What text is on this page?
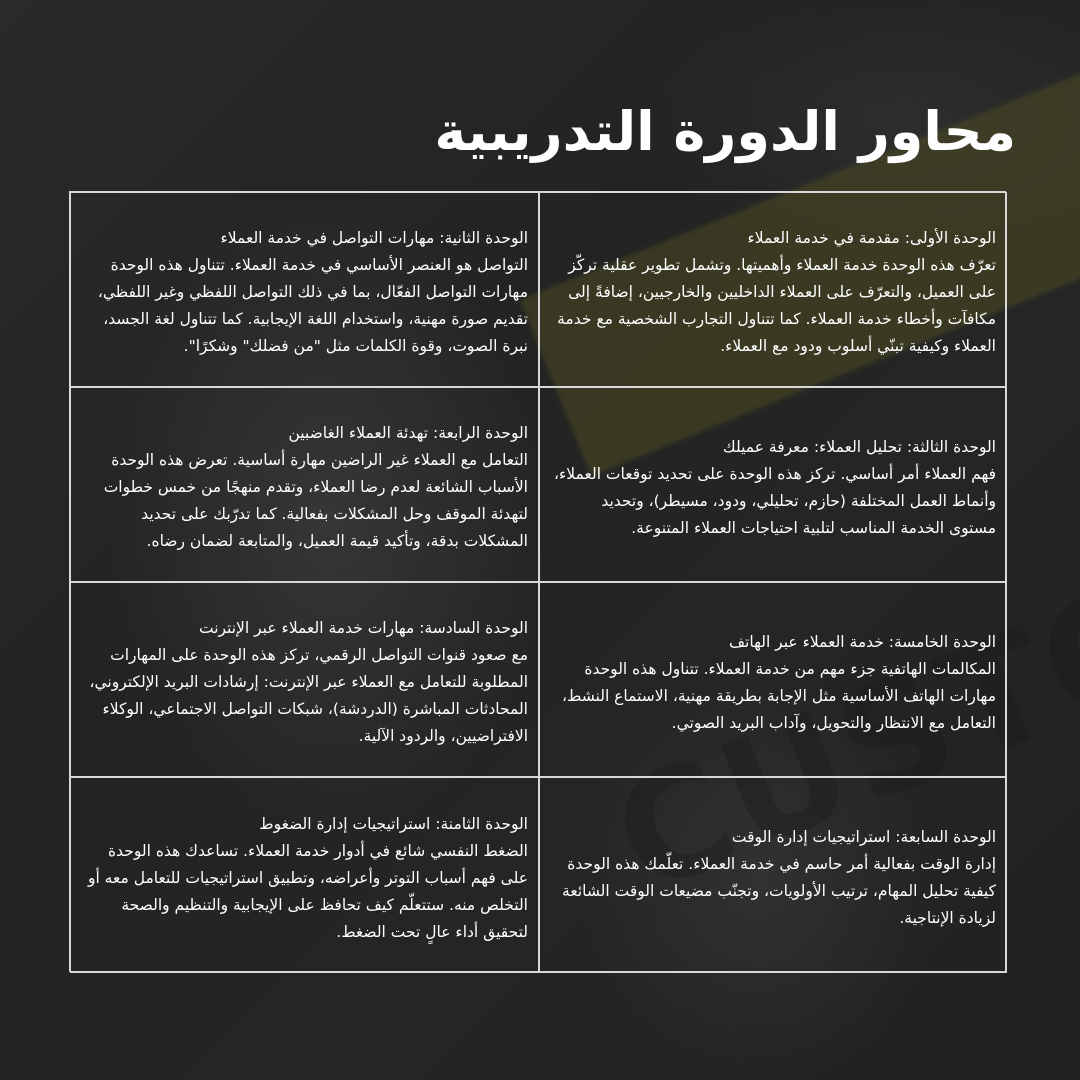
محاور الدورة التدريبية
الوحدة الثانية: مهارات التواصل في خدمة العملاء
التواصل هو العنصر الأساسي في خدمة العملاء. تتناول هذه الوحدة مهارات التواصل الفعّال، بما في ذلك التواصل اللفظي وغير اللفظي، تقديم صورة مهنية، واستخدام اللغة الإيجابية. كما تتناول لغة الجسد، نبرة الصوت، وقوة الكلمات مثل "من فضلك" وشكرًا".
الوحدة الأولى: مقدمة في خدمة العملاء
تعرّف هذه الوحدة خدمة العملاء وأهميتها. وتشمل تطوير عقلية تركّز على العميل، والتعرّف على العملاء الداخليين والخارجيين، إضافةً إلى مكافآت وأخطاء خدمة العملاء. كما تتناول التجارب الشخصية مع خدمة العملاء وكيفية تبنّي أسلوب ودود مع العملاء.
الوحدة الرابعة: تهدئة العملاء الغاضبين
التعامل مع العملاء غير الراضين مهارة أساسية. تعرض هذه الوحدة الأسباب الشائعة لعدم رضا العملاء، وتقدم منهجًا من خمس خطوات لتهدئة الموقف وحل المشكلات بفعالية. كما تدرّبك على تحديد المشكلات بدقة، وتأكيد قيمة العميل، والمتابعة لضمان رضاه.
الوحدة الثالثة: تحليل العملاء: معرفة عميلك
فهم العملاء أمر أساسي. تركز هذه الوحدة على تحديد توقعات العملاء، وأنماط العمل المختلفة (حازم، تحليلي، ودود، مسيطر)، وتحديد مستوى الخدمة المناسب لتلبية احتياجات العملاء المتنوعة.
الوحدة السادسة: مهارات خدمة العملاء عبر الإنترنت
مع صعود قنوات التواصل الرقمي، تركز هذه الوحدة على المهارات المطلوبة للتعامل مع العملاء عبر الإنترنت: إرشادات البريد الإلكتروني، المحادثات المباشرة (الدردشة)، شبكات التواصل الاجتماعي، الوكلاء الافتراضيين، والردود الآلية.
الوحدة الخامسة: خدمة العملاء عبر الهاتف
المكالمات الهاتفية جزء مهم من خدمة العملاء. تتناول هذه الوحدة مهارات الهاتف الأساسية مثل الإجابة بطريقة مهنية، الاستماع النشط، التعامل مع الانتظار والتحويل، وآداب البريد الصوتي.
الوحدة الثامنة: استراتيجيات إدارة الضغوط
الضغط النفسي شائع في أدوار خدمة العملاء. تساعدك هذه الوحدة على فهم أسباب التوتر وأعراضه، وتطبيق استراتيجيات للتعامل معه أو التخلص منه. ستتعلّم كيف تحافظ على الإيجابية والتنظيم والصحة لتحقيق أداء عالٍ تحت الضغط.
الوحدة السابعة: استراتيجيات إدارة الوقت
إدارة الوقت بفعالية أمر حاسم في خدمة العملاء. تعلّمك هذه الوحدة كيفية تحليل المهام، ترتيب الأولويات، وتجنّب مضيعات الوقت الشائعة لزيادة الإنتاجية.
